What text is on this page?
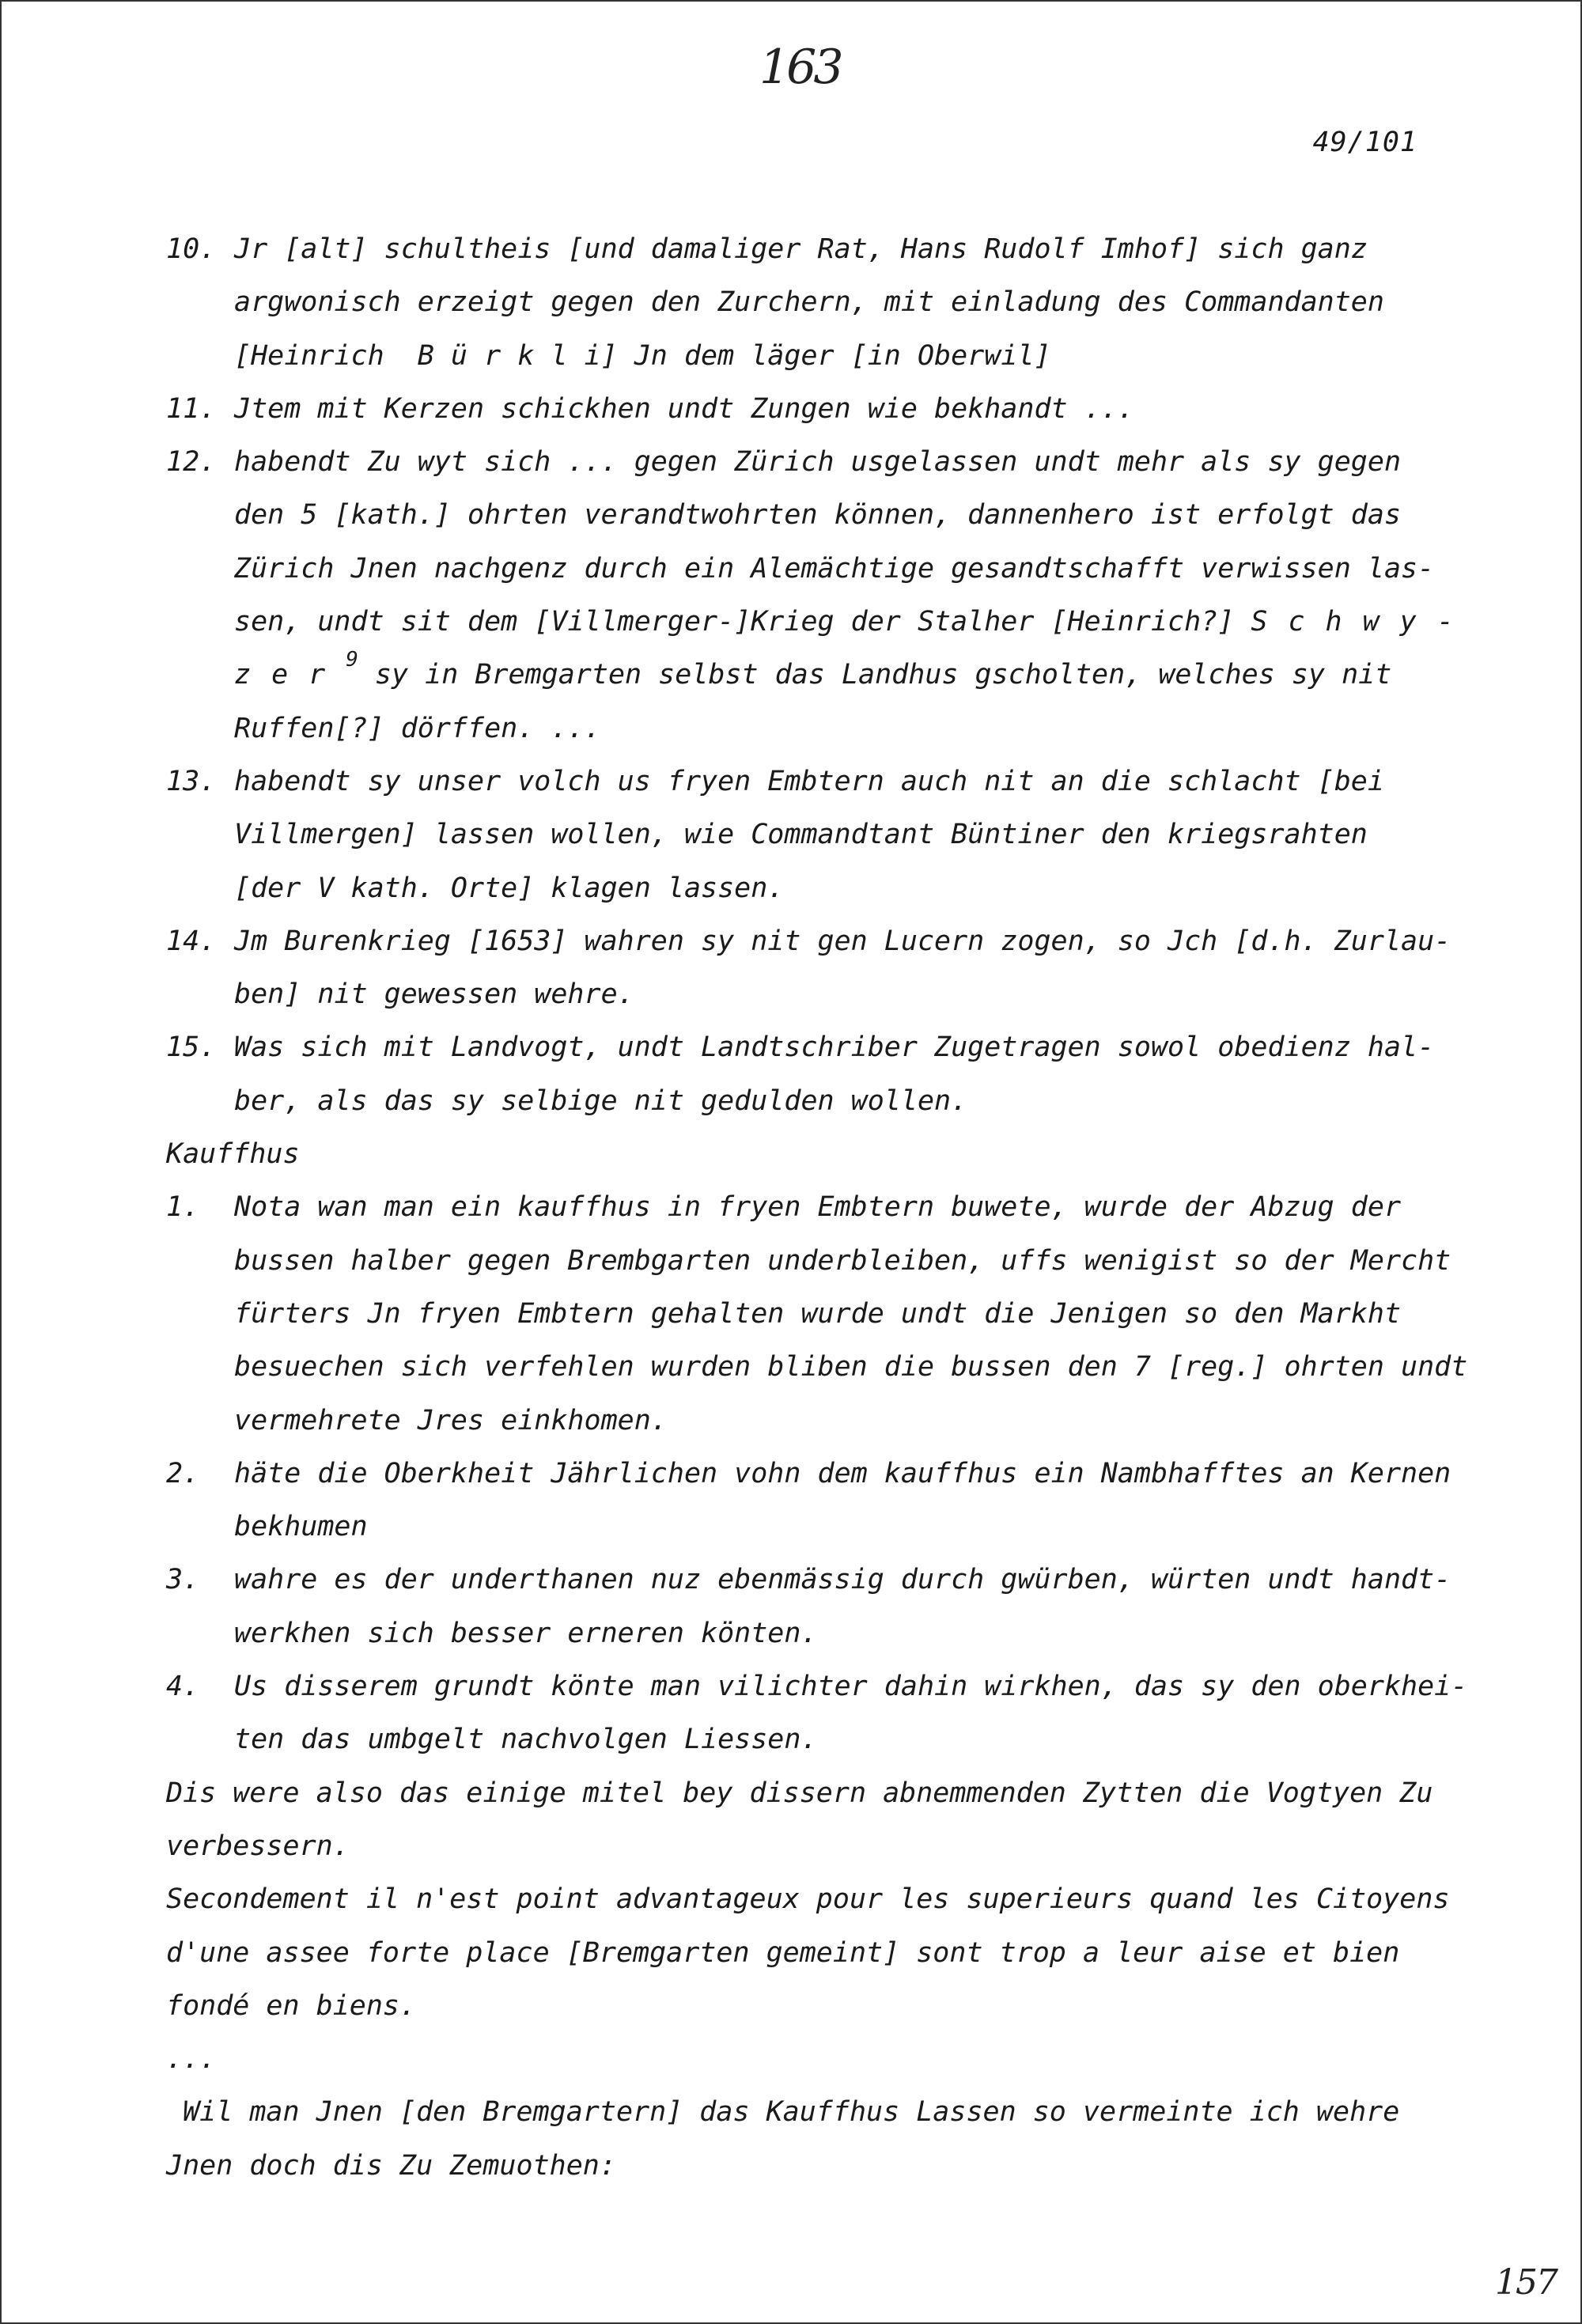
163
49/101
10. Jr [alt] schultheis [und damaliger Rat, Hans Rudolf Imhof] sich ganz
argwonisch erzeigt gegen den Zurchern, mit einladung des Commandanten
[Heinrich  B ü r k l i] Jn dem läger [in Oberwil]
11. Jtem mit Kerzen schickhen undt Zungen wie bekhandt ...
12. habendt Zu wyt sich ... gegen Zürich usgelassen undt mehr als sy gegen
den 5 [kath.] ohrten verandtwohrten können, dannenhero ist erfolgt das
Zürich Jnen nachgenz durch ein Alemächtige gesandtschafft verwissen las-
sen, undt sit dem [Villmerger-]Krieg der Stalher [Heinrich?] Schwy-
zer$^9$ sy in Bremgarten selbst das Landhus gscholten, welches sy nit
Ruffen[?] dörffen. ...
13. habendt sy unser volch us fryen Embtern auch nit an die schlacht [bei
Villmergen] lassen wollen, wie Commandtant Büntiner den kriegsrahten
[der V kath. Orte] klagen lassen.
14. Jm Burenkrieg [1653] wahren sy nit gen Lucern zogen, so Jch [d.h. Zurlau-
ben] nit gewessen wehre.
15. Was sich mit Landvogt, undt Landtschriber Zugetragen sowol obedienz hal-
ber, als das sy selbige nit gedulden wollen.
Kauffhus
1.	Nota wan man ein kauffhus in fryen Embtern buwete, wurde der Abzug der
bussen halber gegen Brembgarten underbleiben, uffs wenigist so der Mercht
fürters Jn fryen Embtern gehalten wurde undt die Jenigen so den Markht
besuechen sich verfehlen wurden bliben die bussen den 7 [reg.] ohrten undt
vermehrete Jres einkhomen.
2.	häte die Oberkheit Jährlichen vohn dem kauffhus ein Nambhafftes an Kernen
bekhumen
3.	wahre es der underthanen nuz ebenmässig durch gwürben, würten undt handt-
werkhen sich besser erneren könten.
4.	Us disserem grundt könte man vilichter dahin wirkhen, das sy den oberkhei-
ten das umbgelt nachvolgen Liessen.
Dis were also das einige mitel bey dissern abnemmenden Zytten die Vogtyen Zu
verbessern.
Secondement il n'est point advantageux pour les superieurs quand les Citoyens
d'une assee forte place [Bremgarten gemeint] sont trop a leur aise et bien
fondé en biens.
...
Wil man Jnen [den Bremgartern] das Kauffhus Lassen so vermeinte ich wehre
Jnen doch dis Zu Zemuothen:
157
